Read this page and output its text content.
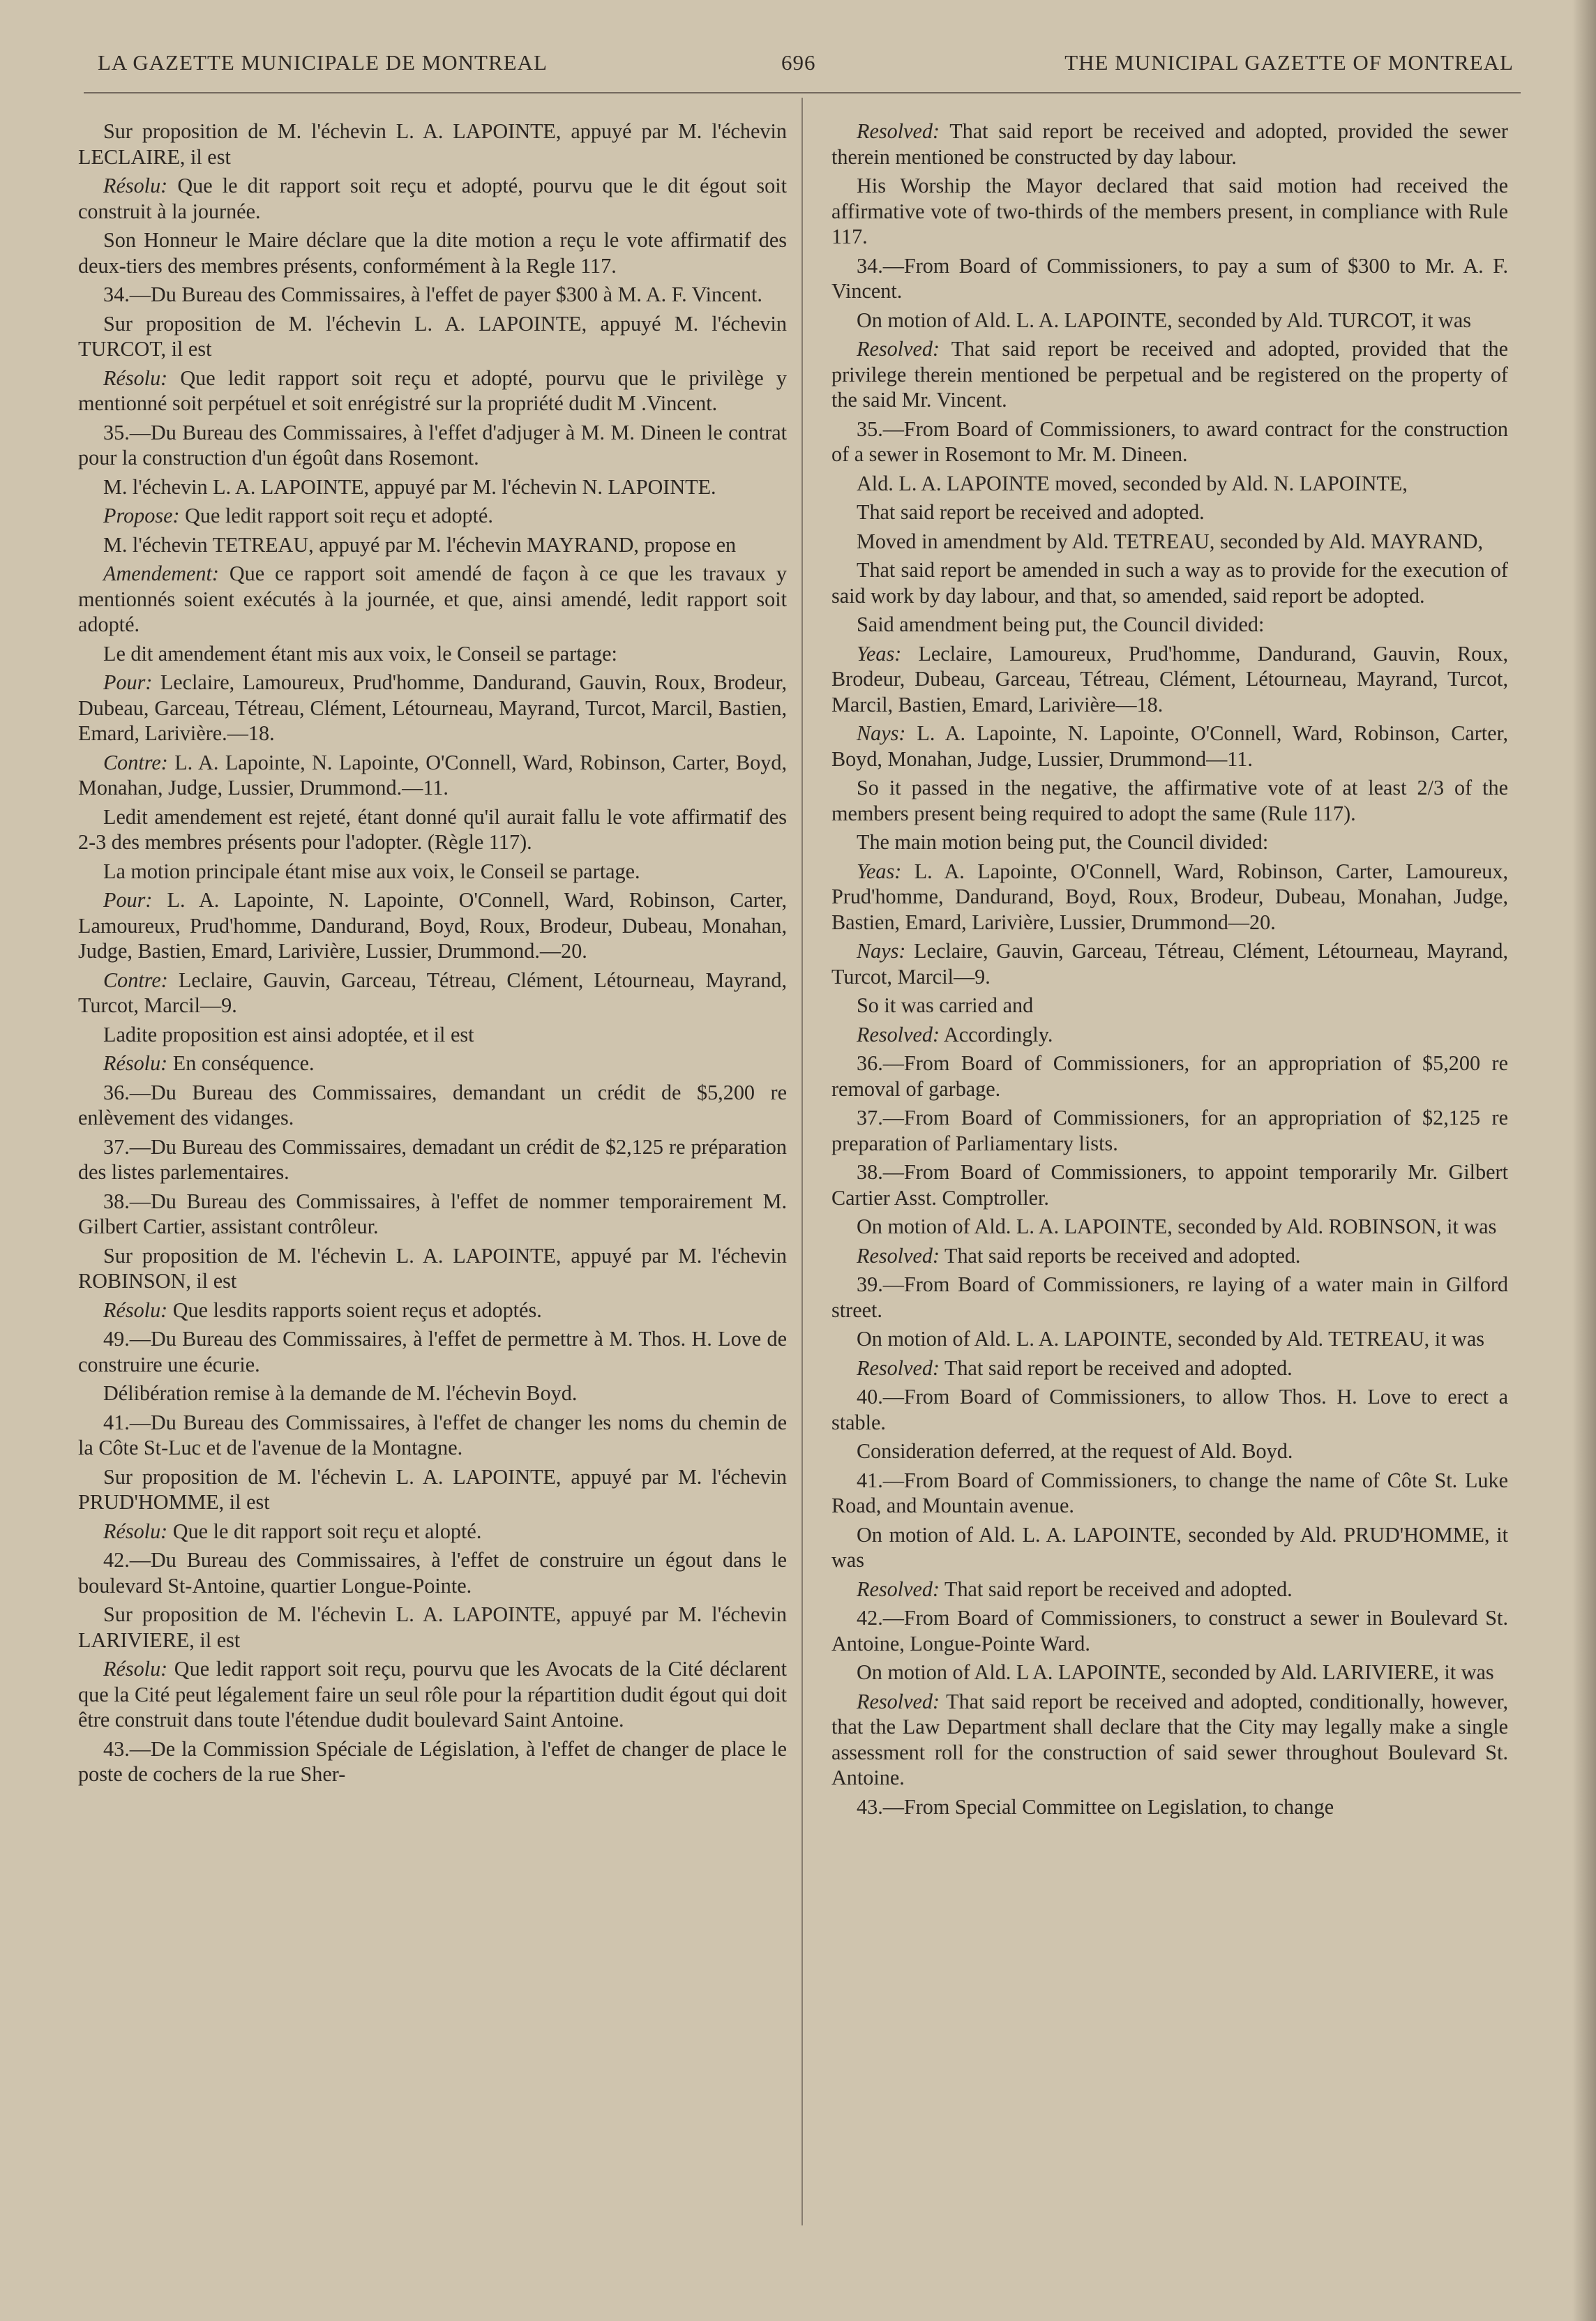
LA GAZETTE MUNICIPALE DE MONTREAL	696	THE MUNICIPAL GAZETTE OF MONTREAL

Sur proposition de M. l'échevin L. A. LAPOINTE, appuyé par M. l'échevin LECLAIRE, il est

Résolu: Que le dit rapport soit reçu et adopté, pourvu que le dit égout soit construit à la journée.

Son Honneur le Maire déclare que la dite motion a reçu le vote affirmatif des deux-tiers des membres présents, conformément à la Regle 117.

34.—Du Bureau des Commissaires, à l'effet de payer $300 à M. A. F. Vincent.

Sur proposition de M. l'échevin L. A. LAPOINTE, appuyé M. l'échevin TURCOT, il est

Résolu: Que ledit rapport soit reçu et adopté, pourvu que le privilège y mentionné soit perpétuel et soit enrégistré sur la propriété dudit M .Vincent.

35.—Du Bureau des Commissaires, à l'effet d'adjuger à M. M. Dineen le contrat pour la construction d'un égoût dans Rosemont.

M. l'échevin L. A. LAPOINTE, appuyé par M. l'échevin N. LAPOINTE.

Propose: Que ledit rapport soit reçu et adopté.

M. l'échevin TETREAU, appuyé par M. l'échevin MAYRAND, propose en

Amendement: Que ce rapport soit amendé de façon à ce que les travaux y mentionnés soient exécutés à la journée, et que, ainsi amendé, ledit rapport soit adopté.

Le dit amendement étant mis aux voix, le Conseil se partage:

Pour: Leclaire, Lamoureux, Prud'homme, Dandurand, Gauvin, Roux, Brodeur, Dubeau, Garceau, Tétreau, Clément, Létourneau, Mayrand, Turcot, Marcil, Bastien, Emard, Larivière.—18.

Contre: L. A. Lapointe, N. Lapointe, O'Connell, Ward, Robinson, Carter, Boyd, Monahan, Judge, Lussier, Drummond.—11.

Ledit amendement est rejeté, étant donné qu'il aurait fallu le vote affirmatif des 2-3 des membres présents pour l'adopter. (Règle 117).

La motion principale étant mise aux voix, le Conseil se partage.

Pour: L. A. Lapointe, N. Lapointe, O'Connell, Ward, Robinson, Carter, Lamoureux, Prud'homme, Dandurand, Boyd, Roux, Brodeur, Dubeau, Monahan, Judge, Bastien, Emard, Larivière, Lussier, Drummond.—20.

Contre: Leclaire, Gauvin, Garceau, Tétreau, Clément, Létourneau, Mayrand, Turcot, Marcil—9.

Ladite proposition est ainsi adoptée, et il est

Résolu: En conséquence.

36.—Du Bureau des Commissaires, demandant un crédit de $5,200 re enlèvement des vidanges.

37.—Du Bureau des Commissaires, demadant un crédit de $2,125 re préparation des listes parlementaires.

38.—Du Bureau des Commissaires, à l'effet de nommer temporairement M. Gilbert Cartier, assistant contrôleur.

Sur proposition de M. l'échevin L. A. LAPOINTE, appuyé par M. l'échevin ROBINSON, il est

Résolu: Que lesdits rapports soient reçus et adoptés.

49.—Du Bureau des Commissaires, à l'effet de permettre à M. Thos. H. Love de construire une écurie.

Délibération remise à la demande de M. l'échevin Boyd.

41.—Du Bureau des Commissaires, à l'effet de changer les noms du chemin de la Côte St-Luc et de l'avenue de la Montagne.

Sur proposition de M. l'échevin L. A. LAPOINTE, appuyé par M. l'échevin PRUD'HOMME, il est

Résolu: Que le dit rapport soit reçu et alopté.

42.—Du Bureau des Commissaires, à l'effet de construire un égout dans le boulevard St-Antoine, quartier Longue-Pointe.

Sur proposition de M. l'échevin L. A. LAPOINTE, appuyé par M. l'échevin LARIVIERE, il est

Résolu: Que ledit rapport soit reçu, pourvu que les Avocats de la Cité déclarent que la Cité peut légalement faire un seul rôle pour la répartition dudit égout qui doit être construit dans toute l'étendue dudit boulevard Saint Antoine.

43.—De la Commission Spéciale de Législation, à l'effet de changer de place le poste de cochers de la rue Sher-

Resolved: That said report be received and adopted, provided the sewer therein mentioned be constructed by day labour.

His Worship the Mayor declared that said motion had received the affirmative vote of two-thirds of the members present, in compliance with Rule 117.

34.—From Board of Commissioners, to pay a sum of $300 to Mr. A. F. Vincent.

On motion of Ald. L. A. LAPOINTE, seconded by Ald. TURCOT, it was

Resolved: That said report be received and adopted, provided that the privilege therein mentioned be perpetual and be registered on the property of the said Mr. Vincent.

35.—From Board of Commissioners, to award contract for the construction of a sewer in Rosemont to Mr. M. Dineen.

Ald. L. A. LAPOINTE moved, seconded by Ald. N. LAPOINTE,

That said report be received and adopted.

Moved in amendment by Ald. TETREAU, seconded by Ald. MAYRAND,

That said report be amended in such a way as to provide for the execution of said work by day labour, and that, so amended, said report be adopted.

Said amendment being put, the Council divided:

Yeas: Leclaire, Lamoureux, Prud'homme, Dandurand, Gauvin, Roux, Brodeur, Dubeau, Garceau, Tétreau, Clément, Létourneau, Mayrand, Turcot, Marcil, Bastien, Emard, Larivière—18.

Nays: L. A. Lapointe, N. Lapointe, O'Connell, Ward, Robinson, Carter, Boyd, Monahan, Judge, Lussier, Drummond—11.

So it passed in the negative, the affirmative vote of at least 2/3 of the members present being required to adopt the same (Rule 117).

The main motion being put, the Council divided:

Yeas: L. A. Lapointe, O'Connell, Ward, Robinson, Carter, Lamoureux, Prud'homme, Dandurand, Boyd, Roux, Brodeur, Dubeau, Monahan, Judge, Bastien, Emard, Larivière, Lussier, Drummond—20.

Nays: Leclaire, Gauvin, Garceau, Tétreau, Clément, Létourneau, Mayrand, Turcot, Marcil—9.

So it was carried and

Resolved: Accordingly.

36.—From Board of Commissioners, for an appropriation of $5,200 re removal of garbage.

37.—From Board of Commissioners, for an appropriation of $2,125 re preparation of Parliamentary lists.

38.—From Board of Commissioners, to appoint temporarily Mr. Gilbert Cartier Asst. Comptroller.

On motion of Ald. L. A. LAPOINTE, seconded by Ald. ROBINSON, it was

Resolved: That said reports be received and adopted.

39.—From Board of Commissioners, re laying of a water main in Gilford street.

On motion of Ald. L. A. LAPOINTE, seconded by Ald. TETREAU, it was

Resolved: That said report be received and adopted.

40.—From Board of Commissioners, to allow Thos. H. Love to erect a stable.

Consideration deferred, at the request of Ald. Boyd.

41.—From Board of Commissioners, to change the name of Côte St. Luke Road, and Mountain avenue.

On motion of Ald. L. A. LAPOINTE, seconded by Ald. PRUD'HOMME, it was

Resolved: That said report be received and adopted.

42.—From Board of Commissioners, to construct a sewer in Boulevard St. Antoine, Longue-Pointe Ward.

On motion of Ald. L A. LAPOINTE, seconded by Ald. LARIVIERE, it was

Resolved: That said report be received and adopted, conditionally, however, that the Law Department shall declare that the City may legally make a single assessment roll for the construction of said sewer throughout Boulevard St. Antoine.

43.—From Special Committee on Legislation, to change
